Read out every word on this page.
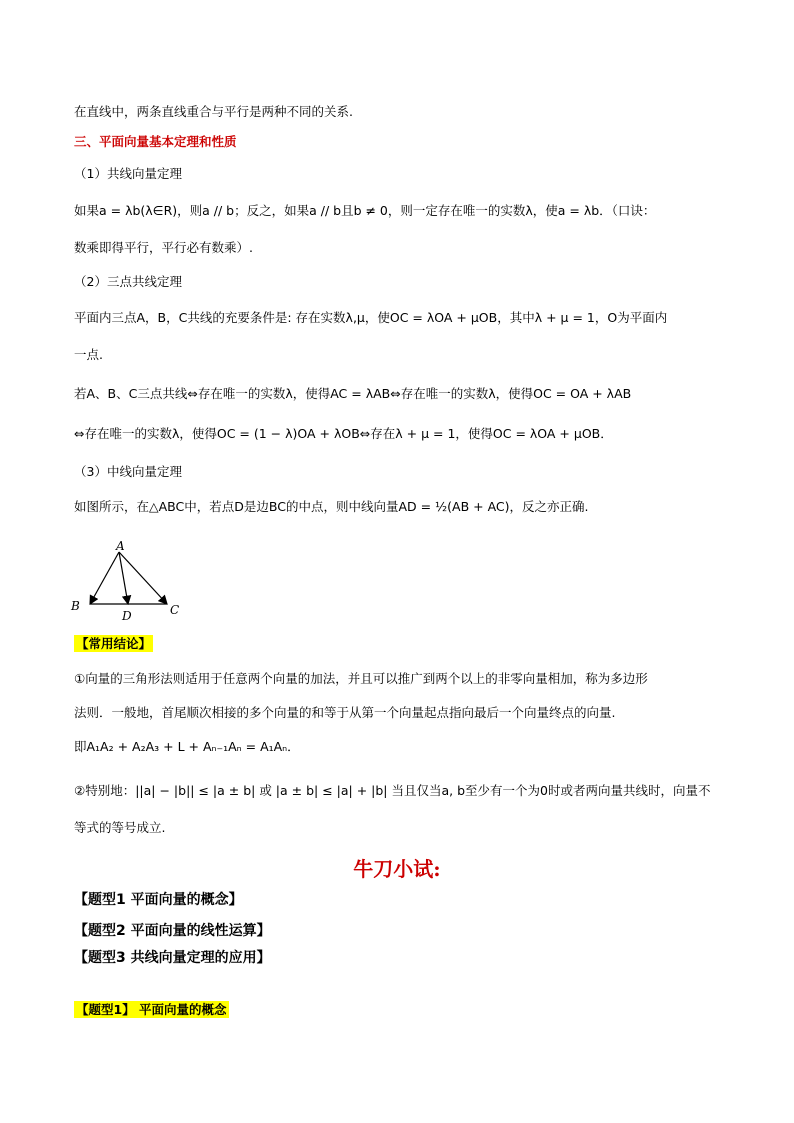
在直线中，两条直线重合与平行是两种不同的关系.
三、平面向量基本定理和性质
（1）共线向量定理
如果a = λb(λ∈R)，则a // b；反之，如果a // b且b ≠ 0，则一定存在唯一的实数λ，使a = λb．（口诀：
数乘即得平行，平行必有数乘）.
（2）三点共线定理
平面内三点A，B，C共线的充要条件是: 存在实数λ,μ，使OC = λOA + μOB，其中λ + μ = 1，O为平面内
一点.
若A、B、C三点共线⇔存在唯一的实数λ，使得AC = λAB⇔存在唯一的实数λ，使得OC = OA + λAB
⇔存在唯一的实数λ，使得OC = (1 − λ)OA + λOB⇔存在λ + μ = 1，使得OC = λOA + μOB．
（3）中线向量定理
如图所示，在△ABC中，若点D是边BC的中点，则中线向量AD = ½(AB + AC)，反之亦正确.
A
B	C
D
【常用结论】
①向量的三角形法则适用于任意两个向量的加法，并且可以推广到两个以上的非零向量相加，称为多边形
法则．一般地，首尾顺次相接的多个向量的和等于从第一个向量起点指向最后一个向量终点的向量.
即A₁A₂ + A₂A₃ + L + Aₙ₋₁Aₙ = A₁Aₙ．
②特别地：||a| − |b|| ≤ |a ± b| 或 |a ± b| ≤ |a| + |b| 当且仅当a, b至少有一个为0时或者两向量共线时，向量不
等式的等号成立.
牛刀小试:
【题型1 平面向量的概念】
【题型2 平面向量的线性运算】
【题型3 共线向量定理的应用】
【题型1】 平面向量的概念
